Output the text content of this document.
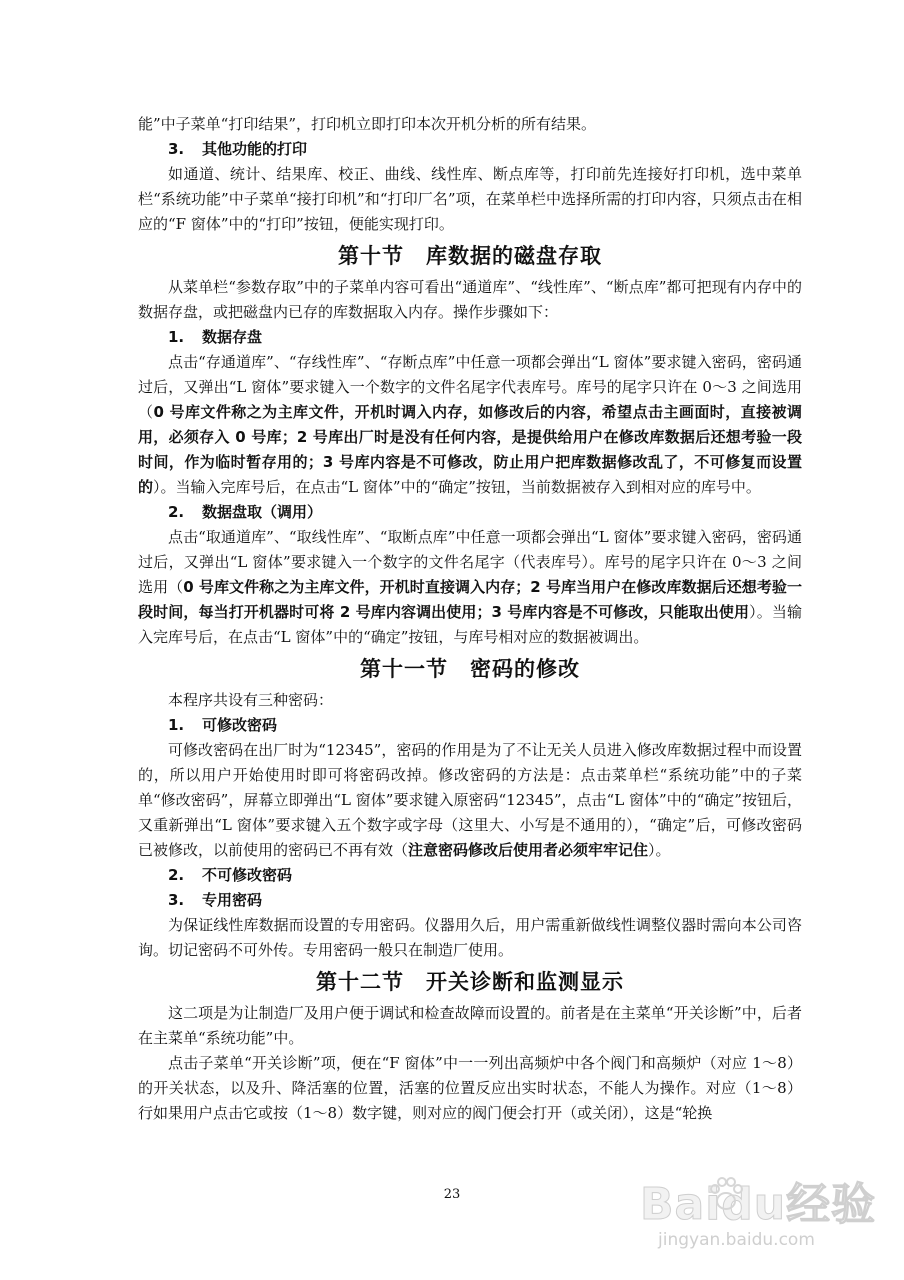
能”中子菜单“打印结果”，打印机立即打印本次开机分析的所有结果。

3. 其他功能的打印

如通道、统计、结果库、校正、曲线、线性库、断点库等，打印前先连接好打印机，选中菜单栏“系统功能”中子菜单“接打印机”和“打印厂名”项，在菜单栏中选择所需的打印内容，只须点击在相应的“F 窗体”中的“打印”按钮，便能实现打印。

第十节 库数据的磁盘存取

从菜单栏“参数存取”中的子菜单内容可看出“通道库”、“线性库”、“断点库”都可把现有内存中的数据存盘，或把磁盘内已存的库数据取入内存。操作步骤如下：

1. 数据存盘

点击“存通道库”、“存线性库”、“存断点库”中任意一项都会弹出“L 窗体”要求键入密码，密码通过后，又弹出“L 窗体”要求键入一个数字的文件名尾字代表库号。库号的尾字只许在 0～3 之间选用（0 号库文件称之为主库文件，开机时调入内存，如修改后的内容，希望点击主画面时，直接被调用，必须存入 0 号库；2 号库出厂时是没有任何内容，是提供给用户在修改库数据后还想考验一段时间，作为临时暂存用的；3 号库内容是不可修改，防止用户把库数据修改乱了，不可修复而设置的）。当输入完库号后，在点击“L 窗体”中的“确定”按钮，当前数据被存入到相对应的库号中。

2. 数据盘取（调用）

点击“取通道库”、“取线性库”、“取断点库”中任意一项都会弹出“L 窗体”要求键入密码，密码通过后，又弹出“L 窗体”要求键入一个数字的文件名尾字（代表库号）。库号的尾字只许在 0～3 之间选用（0 号库文件称之为主库文件，开机时直接调入内存；2 号库当用户在修改库数据后还想考验一段时间，每当打开机器时可将 2 号库内容调出使用；3 号库内容是不可修改，只能取出使用）。当输入完库号后，在点击“L 窗体”中的“确定”按钮，与库号相对应的数据被调出。

第十一节 密码的修改

本程序共设有三种密码：

1. 可修改密码

可修改密码在出厂时为“12345”，密码的作用是为了不让无关人员进入修改库数据过程中而设置的，所以用户开始使用时即可将密码改掉。修改密码的方法是：点击菜单栏“系统功能”中的子菜单“修改密码”，屏幕立即弹出“L 窗体”要求键入原密码“12345”，点击“L 窗体”中的“确定”按钮后，又重新弹出“L 窗体”要求键入五个数字或字母（这里大、小写是不通用的），“确定”后，可修改密码已被修改，以前使用的密码已不再有效（注意密码修改后使用者必须牢牢记住）。

2. 不可修改密码

3. 专用密码

为保证线性库数据而设置的专用密码。仪器用久后，用户需重新做线性调整仪器时需向本公司咨询。切记密码不可外传。专用密码一般只在制造厂使用。

第十二节 开关诊断和监测显示

这二项是为让制造厂及用户便于调试和检查故障而设置的。前者是在主菜单“开关诊断”中，后者在主菜单“系统功能”中。

点击子菜单“开关诊断”项，便在“F 窗体”中一一列出高频炉中各个阀门和高频炉（对应 1～8）的开关状态，以及升、降活塞的位置，活塞的位置反应出实时状态，不能人为操作。对应（1～8）行如果用户点击它或按（1～8）数字键，则对应的阀门便会打开（或关闭），这是“轮换

23	Baidu经验
jingyan.baidu.com
